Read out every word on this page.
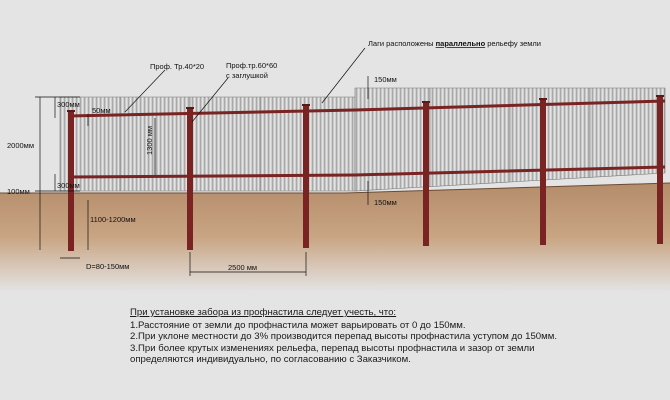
Лаги расположены параллельно рельефу земли
Проф. Тр.40*20	Проф.тр.60*60
с заглушкой	150мм
150мм
50мм
300мм
300мм
1300 мм
2000мм
100мм
1100-1200мм
D=80-150мм	2500 мм
При установке забора из профнастила следует учесть, что:
1.Расстояние от земли до профнастила может варьировать от 0 до 150мм.
2.При уклоне местности до 3% производится перепад высоты профнастила уступом до 150мм.
3.При более крутых изменениях рельефа, перепад высоты профнастила и зазор от земли
определяются индивидуально, по согласованию с Заказчиком.
